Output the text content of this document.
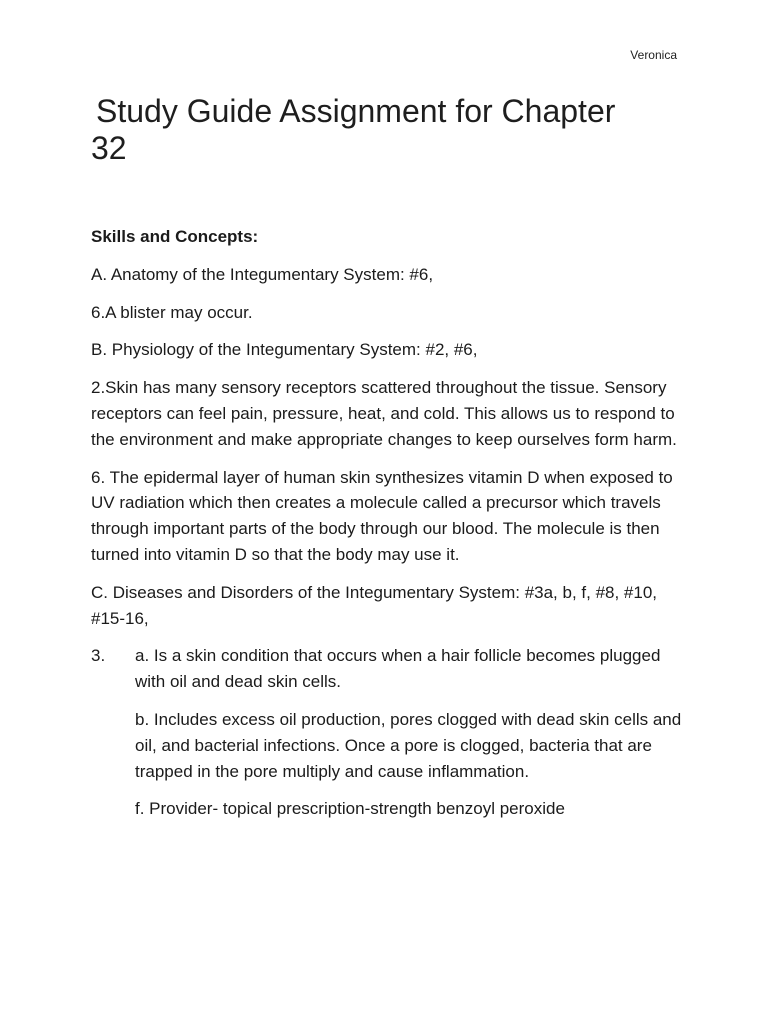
Veronica
Study Guide Assignment for Chapter
32

Skills and Concepts:

A. Anatomy of the Integumentary System: #6,

6.A blister may occur.

B. Physiology of the Integumentary System: #2, #6,

2.Skin has many sensory receptors scattered throughout the tissue. Sensory receptors can feel pain, pressure, heat, and cold. This allows us to respond to the environment and make appropriate changes to keep ourselves form harm.

6. The epidermal layer of human skin synthesizes vitamin D when exposed to UV radiation which then creates a molecule called a precursor which travels through important parts of the body through our blood. The molecule is then turned into vitamin D so that the body may use it.

C. Diseases and Disorders of the Integumentary System: #3a, b, f, #8, #10, #15-16,

3.	a. Is a skin condition that occurs when a hair follicle becomes plugged with oil and dead skin cells.

b. Includes excess oil production, pores clogged with dead skin cells and oil, and bacterial infections. Once a pore is clogged, bacteria that are trapped in the pore multiply and cause inflammation.

f. Provider- topical prescription-strength benzoyl peroxide
